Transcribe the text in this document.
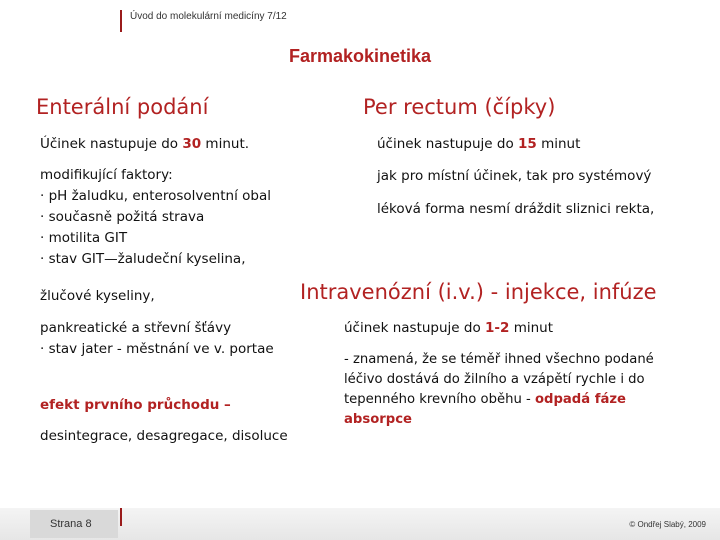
Úvod do molekulární medicíny 7/12
Farmakokinetika
Enterální podání
Účinek nastupuje do 30 minut.
modifikující faktory:
· pH žaludku, enterosolventní obal
· současně požitá strava
· motilita GIT
· stav GIT—žaludeční kyselina,
žlučové kyseliny,
pankreatické a střevní šťávy
· stav jater - městnání ve v. portae
efekt prvního průchodu –
desintegrace, desagregace, disoluce
Per rectum (čípky)
účinek nastupuje do 15 minut
jak pro místní účinek, tak pro systémový
léková forma nesmí dráždit sliznici rekta,
Intravenózní (i.v.) - injekce, infúze
účinek nastupuje do 1-2 minut
- znamená, že se téměř ihned všechno podané
léčivo dostává do žilního a vzápětí rychle i do
tepenného krevního oběhu - odpadá fáze
absorpce
Strana 8	© Ondřej Slabý, 2009
